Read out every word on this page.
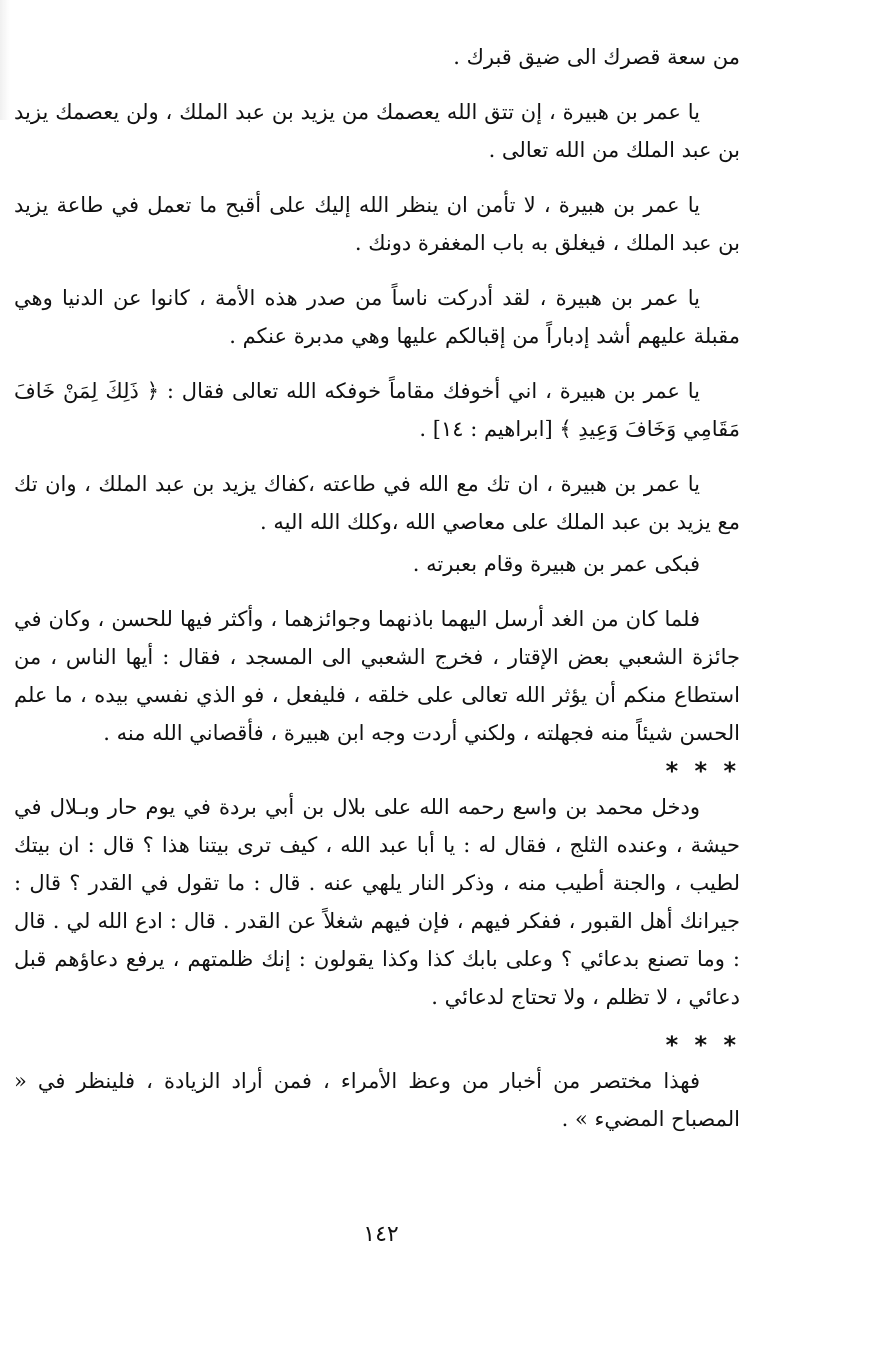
من سعة قصرك الى ضيق قبرك .

يا عمر بن هبيرة ، إن تتق الله يعصمك من يزيد بن عبد الملك ، ولن يعصمك يزيد بن عبد الملك من الله تعالى .

يا عمر بن هبيرة ، لا تأمن ان ينظر الله إليك على أقبح ما تعمل في طاعة يزيد بن عبد الملك ، فيغلق به باب المغفرة دونك .

يا عمر بن هبيرة ، لقد أدركت ناساً من صدر هذه الأمة ، كانوا عن الدنيا وهي مقبلة عليهم أشد إدباراً من إقبالكم عليها وهي مدبرة عنكم .

يا عمر بن هبيرة ، اني أخوفك مقاماً خوفكه الله تعالى فقال : ﴿ ذَلِكَ لِمَنْ خَافَ مَقَامِي وَخَافَ وَعِيدِ ﴾ [ابراهيم : ١٤] .

يا عمر بن هبيرة ، ان تك مع الله في طاعته ،كفاك يزيد بن عبد الملك ، وان تك مع يزيد بن عبد الملك على معاصي الله ،وكلك الله اليه .

فبكى عمر بن هبيرة وقام بعبرته .

فلما كان من الغد أرسل اليهما باذنهما وجوائزهما ، وأكثر فيها للحسن ، وكان في جائزة الشعبي بعض الإقتار ، فخرج الشعبي الى المسجد ، فقال : أيها الناس ، من استطاع منكم أن يؤثر الله تعالى على خلقه ، فليفعل ، فو الذي نفسي بيده ، ما علم الحسن شيئاً منه فجهلته ، ولكني أردت وجه ابن هبيرة ، فأقصاني الله منه .

* * *

ودخل محمد بن واسع رحمه الله على بلال بن أبي بردة في يوم حار وبـلال في حيشة ، وعنده الثلج ، فقال له : يا أبا عبد الله ، كيف ترى بيتنا هذا ؟ قال : ان بيتك لطيب ، والجنة أطيب منه ، وذكر النار يلهي عنه . قال : ما تقول في القدر ؟ قال : جيرانك أهل القبور ، ففكر فيهم ، فإن فيهم شغلاً عن القدر . قال : ادع الله لي . قال : وما تصنع بدعائي ؟ وعلى بابك كذا وكذا يقولون : إنك ظلمتهم ، يرفع دعاؤهم قبل دعائي ، لا تظلم ، ولا تحتاج لدعائي .

* * *

فهذا مختصر من أخبار من وعظ الأمراء ، فمن أراد الزيادة ، فلينظر في « المصباح المضيء » .

١٤٢
